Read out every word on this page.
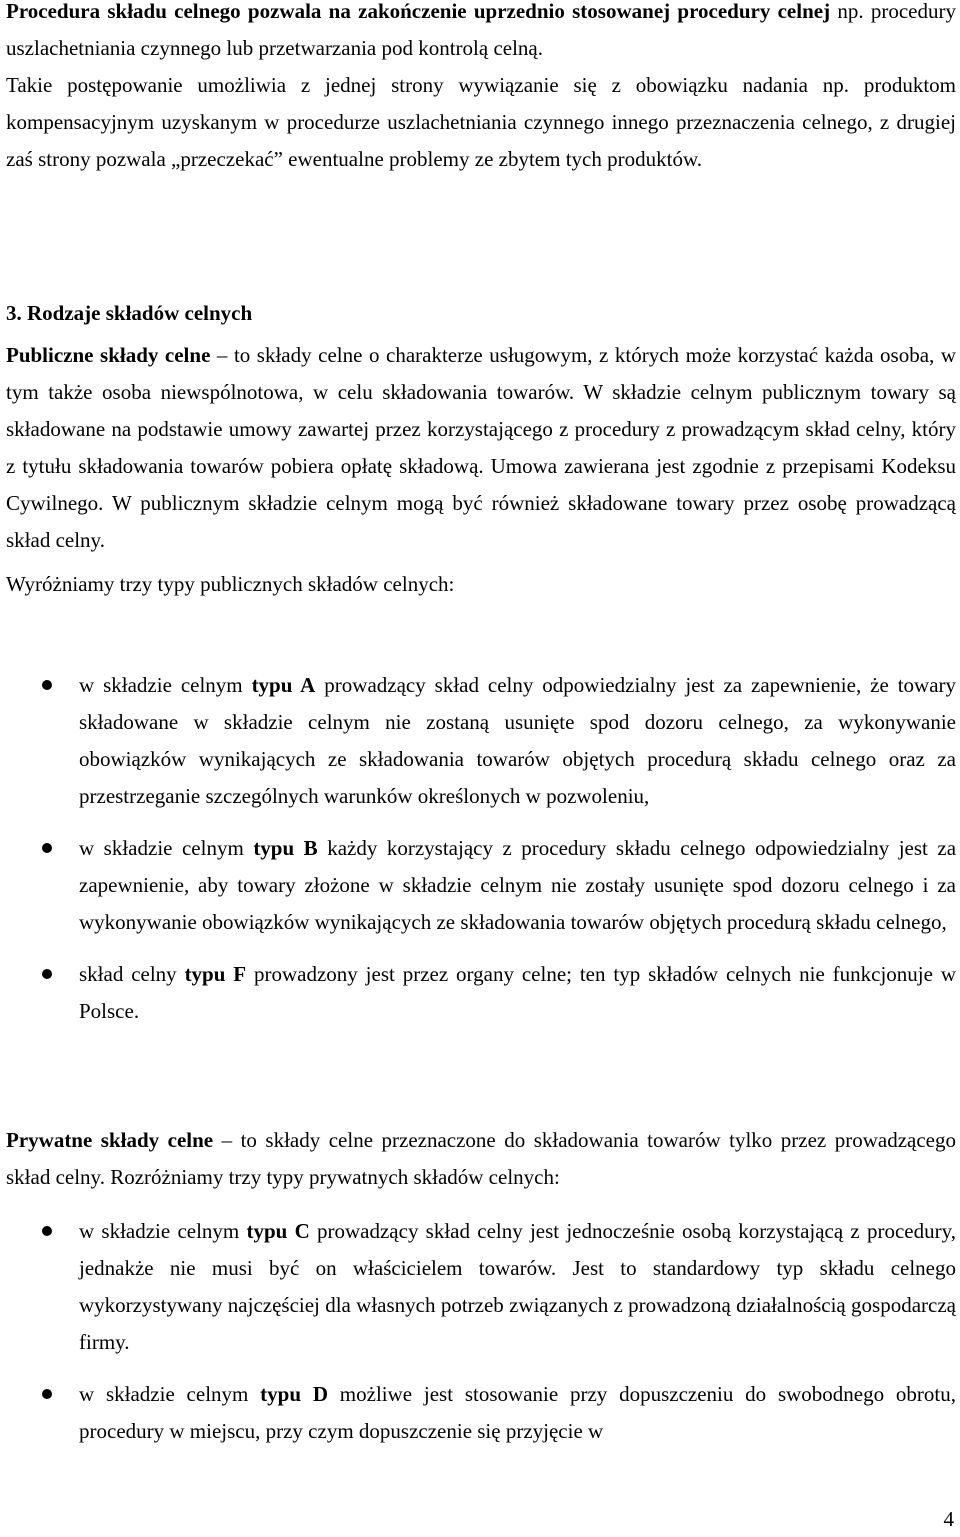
Procedura składu celnego pozwala na zakończenie uprzednio stosowanej procedury celnej np. procedury uszlachetniania czynnego lub przetwarzania pod kontrolą celną.

Takie postępowanie umożliwia z jednej strony wywiązanie się z obowiązku nadania np. produktom kompensacyjnym uzyskanym w procedurze uszlachetniania czynnego innego przeznaczenia celnego, z drugiej zaś strony pozwala „przeczekać” ewentualne problemy ze zbytem tych produktów.

3. Rodzaje składów celnych

Publiczne składy celne – to składy celne o charakterze usługowym, z których może korzystać każda osoba, w tym także osoba niewspólnotowa, w celu składowania towarów. W składzie celnym publicznym towary są składowane na podstawie umowy zawartej przez korzystającego z procedury z prowadzącym skład celny, który z tytułu składowania towarów pobiera opłatę składową. Umowa zawierana jest zgodnie z przepisami Kodeksu Cywilnego. W publicznym składzie celnym mogą być również składowane towary przez osobę prowadzącą skład celny.

Wyróżniamy trzy typy publicznych składów celnych:

w składzie celnym typu A prowadzący skład celny odpowiedzialny jest za zapewnienie, że towary składowane w składzie celnym nie zostaną usunięte spod dozoru celnego, za wykonywanie obowiązków wynikających ze składowania towarów objętych procedurą składu celnego oraz za przestrzeganie szczególnych warunków określonych w pozwoleniu,
w składzie celnym typu B każdy korzystający z procedury składu celnego odpowiedzialny jest za zapewnienie, aby towary złożone w składzie celnym nie zostały usunięte spod dozoru celnego i za wykonywanie obowiązków wynikających ze składowania towarów objętych procedurą składu celnego,
skład celny typu F prowadzony jest przez organy celne; ten typ składów celnych nie funkcjonuje w Polsce.

Prywatne składy celne – to składy celne przeznaczone do składowania towarów tylko przez prowadzącego skład celny. Rozróżniamy trzy typy prywatnych składów celnych:

w składzie celnym typu C prowadzący skład celny jest jednocześnie osobą korzystającą z procedury, jednakże nie musi być on właścicielem towarów. Jest to standardowy typ składu celnego wykorzystywany najczęściej dla własnych potrzeb związanych z prowadzoną działalnością gospodarczą firmy.
w składzie celnym typu D możliwe jest stosowanie przy dopuszczeniu do swobodnego obrotu, procedury w miejscu, przy czym dopuszczenie się przyjęcie w
4
